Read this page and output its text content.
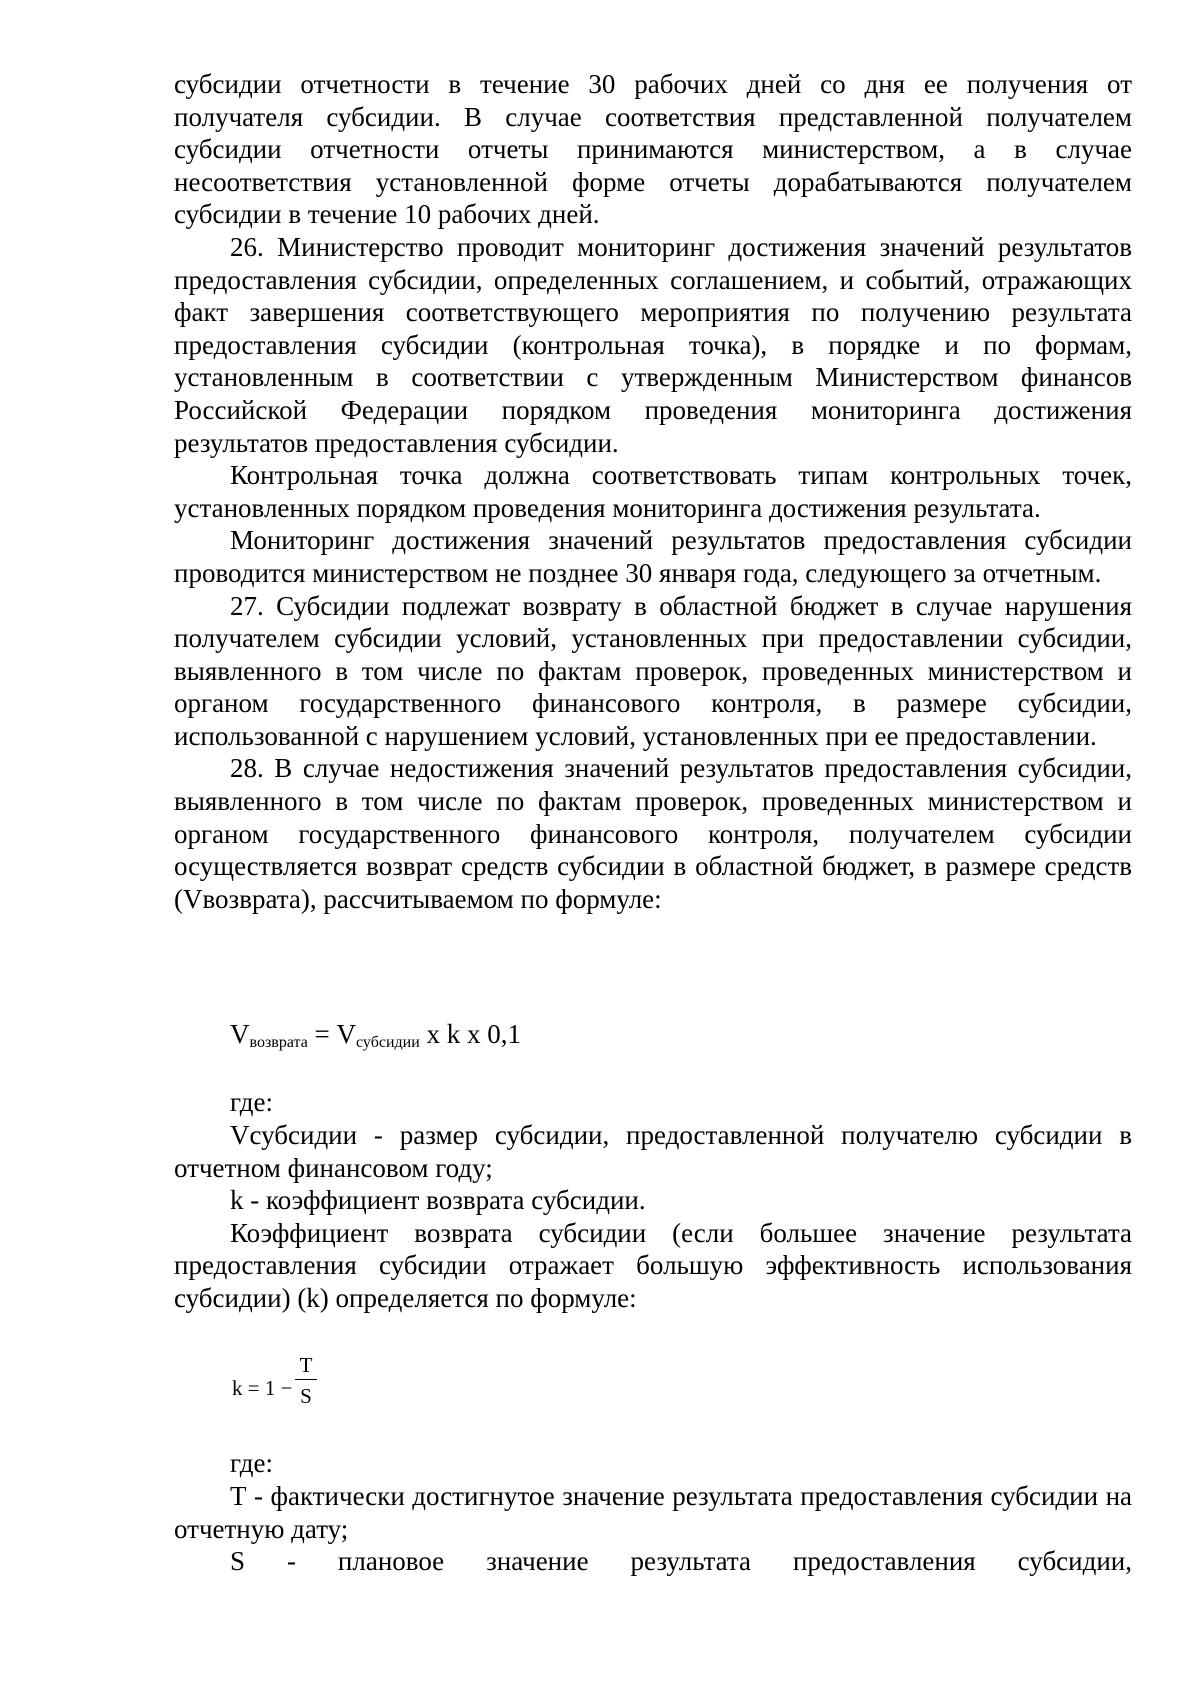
субсидии отчетности в течение 30 рабочих дней со дня ее получения от получателя субсидии. В случае соответствия представленной получателем субсидии отчетности отчеты принимаются министерством, а в случае несоответствия установленной форме отчеты дорабатываются получателем субсидии в течение 10 рабочих дней.

26. Министерство проводит мониторинг достижения значений результатов предоставления субсидии, определенных соглашением, и событий, отражающих факт завершения соответствующего мероприятия по получению результата предоставления субсидии (контрольная точка), в порядке и по формам, установленным в соответствии с утвержденным Министерством финансов Российской Федерации порядком проведения мониторинга достижения результатов предоставления субсидии.

Контрольная точка должна соответствовать типам контрольных точек, установленных порядком проведения мониторинга достижения результата.

Мониторинг достижения значений результатов предоставления субсидии проводится министерством не позднее 30 января года, следующего за отчетным.

27. Субсидии подлежат возврату в областной бюджет в случае нарушения получателем субсидии условий, установленных при предоставлении субсидии, выявленного в том числе по фактам проверок, проведенных министерством и органом государственного финансового контроля, в размере субсидии, использованной с нарушением условий, установленных при ее предоставлении.

28. В случае недостижения значений результатов предоставления субсидии, выявленного в том числе по фактам проверок, проведенных министерством и органом государственного финансового контроля, получателем субсидии осуществляется возврат средств субсидии в областной бюджет, в размере средств (Vвозврата), рассчитываемом по формуле:

$V_{возврата} = V_{субсидии}$ x k x 0,1

где:

Vсубсидии - размер субсидии, предоставленной получателю субсидии в отчетном финансовом году;

k - коэффициент возврата субсидии.

Коэффициент возврата субсидии (если большее значение результата предоставления субсидии отражает большую эффективность использования субсидии) (k) определяется по формуле:

k = 1 −
T
S

где:

Т - фактически достигнутое значение результата предоставления субсидии на отчетную дату;

S - плановое значение результата предоставления субсидии,
